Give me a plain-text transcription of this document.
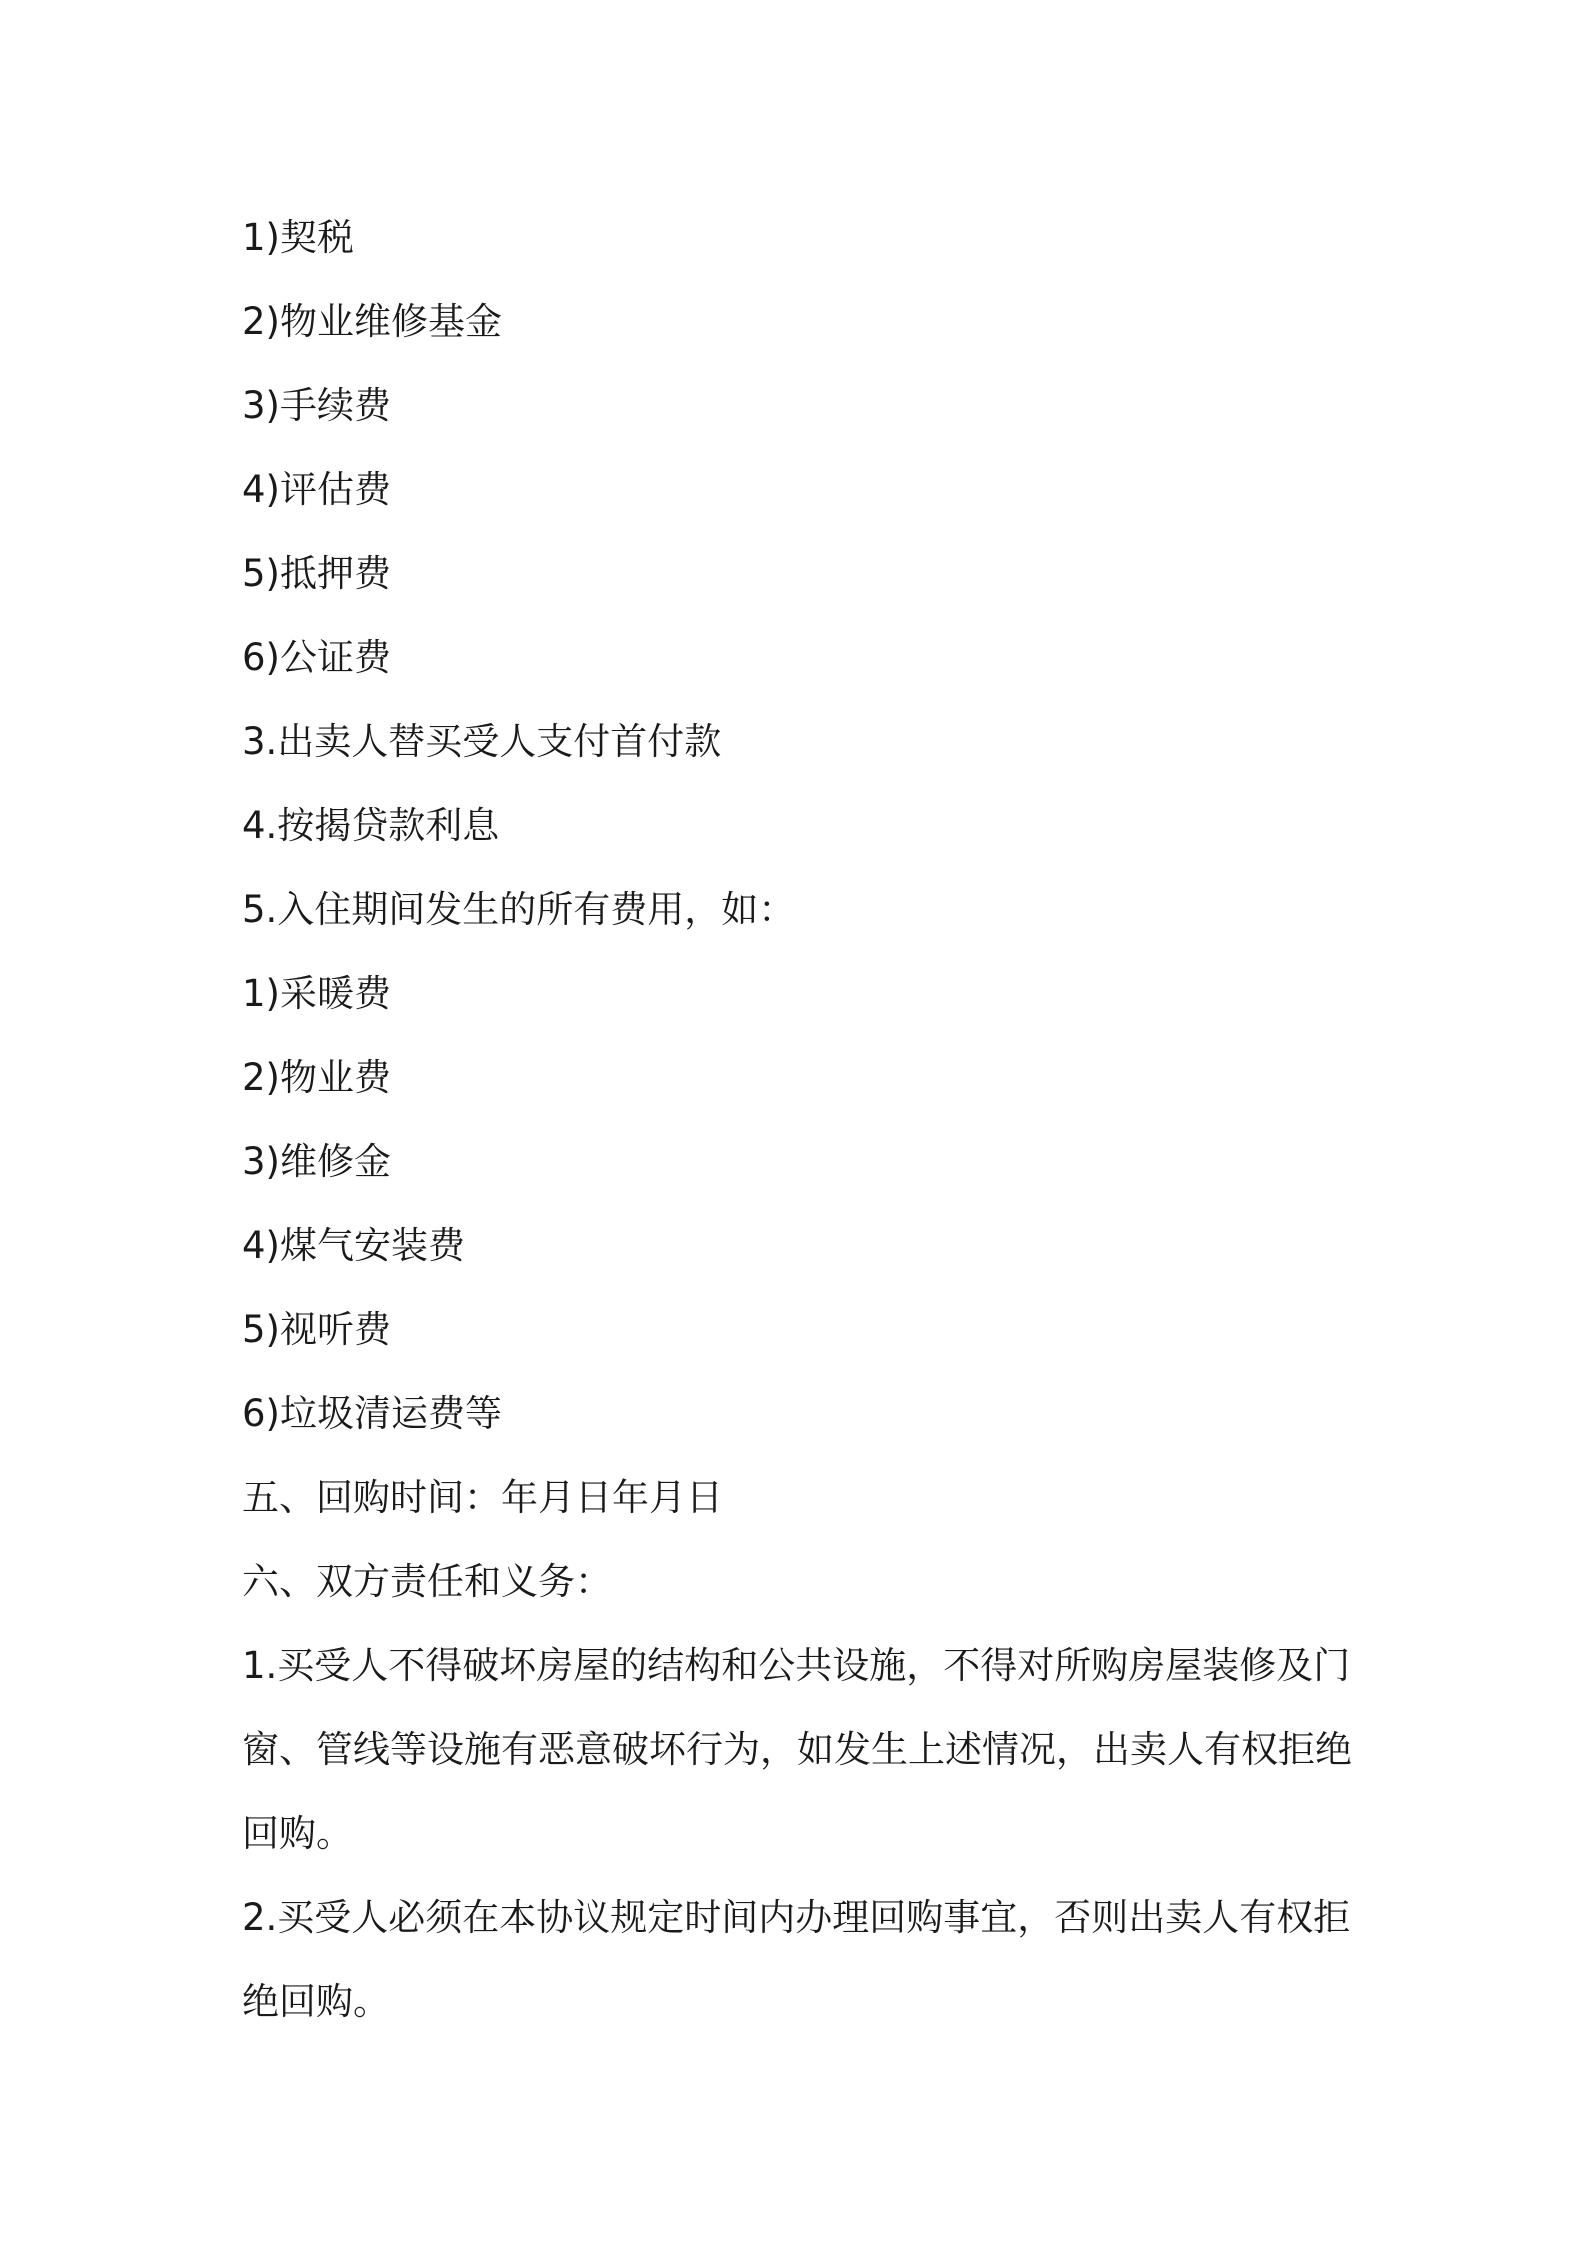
1)契税
2)物业维修基金
3)手续费
4)评估费
5)抵押费
6)公证费
3.出卖人替买受人支付首付款
4.按揭贷款利息
5.入住期间发生的所有费用，如：
1)采暖费
2)物业费
3)维修金
4)煤气安装费
5)视听费
6)垃圾清运费等
五、回购时间：年月日年月日
六、双方责任和义务：
1.买受人不得破坏房屋的结构和公共设施，不得对所购房屋装修及门窗、管线等设施有恶意破坏行为，如发生上述情况，出卖人有权拒绝回购。
2.买受人必须在本协议规定时间内办理回购事宜，否则出卖人有权拒绝回购。
